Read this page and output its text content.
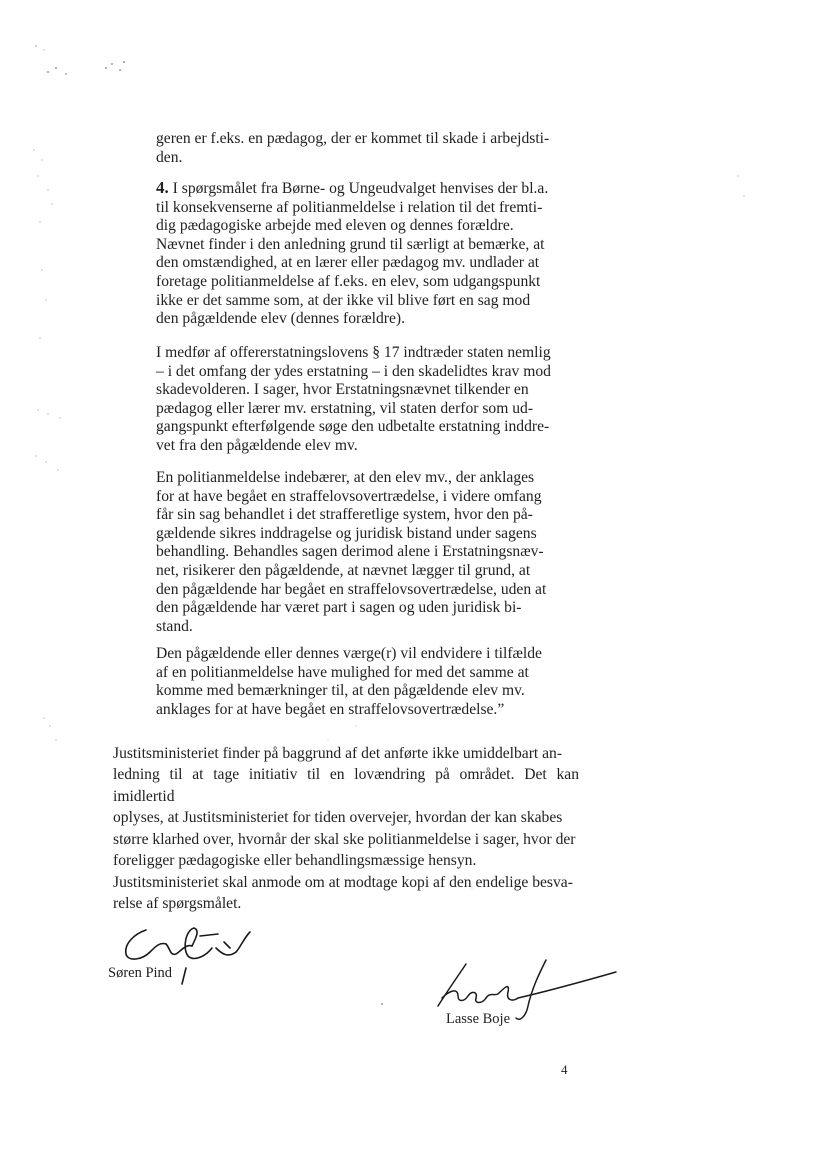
geren er f.eks. en pædagog, der er kommet til skade i arbejdsti-
den.

4. I spørgsmålet fra Børne- og Ungeudvalget henvises der bl.a.
til konsekvenserne af politianmeldelse i relation til det fremti-
dig pædagogiske arbejde med eleven og dennes forældre.
Nævnet finder i den anledning grund til særligt at bemærke, at
den omstændighed, at en lærer eller pædagog mv. undlader at
foretage politianmeldelse af f.eks. en elev, som udgangspunkt
ikke er det samme som, at der ikke vil blive ført en sag mod
den pågældende elev (dennes forældre).

I medfør af offererstatningslovens § 17 indtræder staten nemlig
– i det omfang der ydes erstatning – i den skadelidtes krav mod
skadevolderen. I sager, hvor Erstatningsnævnet tilkender en
pædagog eller lærer mv. erstatning, vil staten derfor som ud-
gangspunkt efterfølgende søge den udbetalte erstatning inddre-
vet fra den pågældende elev mv.

En politianmeldelse indebærer, at den elev mv., der anklages
for at have begået en straffelovsovertrædelse, i videre omfang
får sin sag behandlet i det strafferetlige system, hvor den på-
gældende sikres inddragelse og juridisk bistand under sagens
behandling. Behandles sagen derimod alene i Erstatningsnæv-
net, risikerer den pågældende, at nævnet lægger til grund, at
den pågældende har begået en straffelovsovertrædelse, uden at
den pågældende har været part i sagen og uden juridisk bi-
stand.

Den pågældende eller dennes værge(r) vil endvidere i tilfælde
af en politianmeldelse have mulighed for med det samme at
komme med bemærkninger til, at den pågældende elev mv.
anklages for at have begået en straffelovsovertrædelse.”

Justitsministeriet finder på baggrund af det anførte ikke umiddelbart an-
ledning til at tage initiativ til en lovændring på området. Det kan imidlertid
oplyses, at Justitsministeriet for tiden overvejer, hvordan der kan skabes
større klarhed over, hvornår der skal ske politianmeldelse i sager, hvor der
foreligger pædagogiske eller behandlingsmæssige hensyn.

Justitsministeriet skal anmode om at modtage kopi af den endelige besva-
relse af spørgsmålet.

Søren Pind
Lasse Boje
4
